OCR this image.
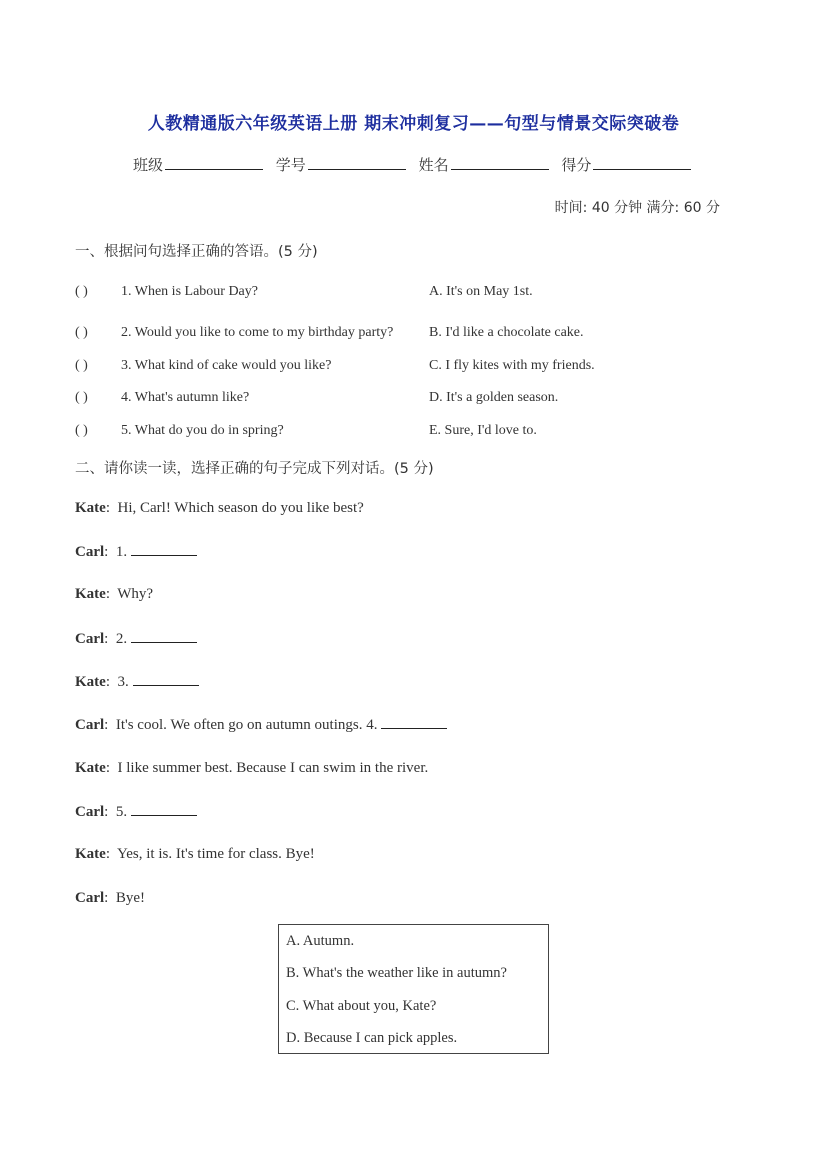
人教精通版六年级英语上册 期末冲刺复习——句型与情景交际突破卷
班级	学号	姓名	得分
时间: 40 分钟 满分: 60 分
一、根据问句选择正确的答语。(5 分)
( ) 1. When is Labour Day?
( ) 2. Would you like to come to my birthday party?
( ) 3. What kind of cake would you like?
( ) 4. What's autumn like?
( ) 5. What do you do in spring?
A. It's on May 1st.
B. I'd like a chocolate cake.
C. I fly kites with my friends.
D. It's a golden season.
E. Sure, I'd love to.
二、请你读一读，选择正确的句子完成下列对话。(5 分)
Kate:  Hi, Carl! Which season do you like best?
Carl:  1.
Kate:  Why?
Carl:  2.
Kate:  3.
Carl:  It's cool. We often go on autumn outings. 4.
Kate:  I like summer best. Because I can swim in the river.
Carl:  5.
Kate:  Yes, it is. It's time for class. Bye!
Carl:  Bye!
A. Autumn.
B. What's the weather like in autumn?
C. What about you, Kate?
D. Because I can pick apples.
